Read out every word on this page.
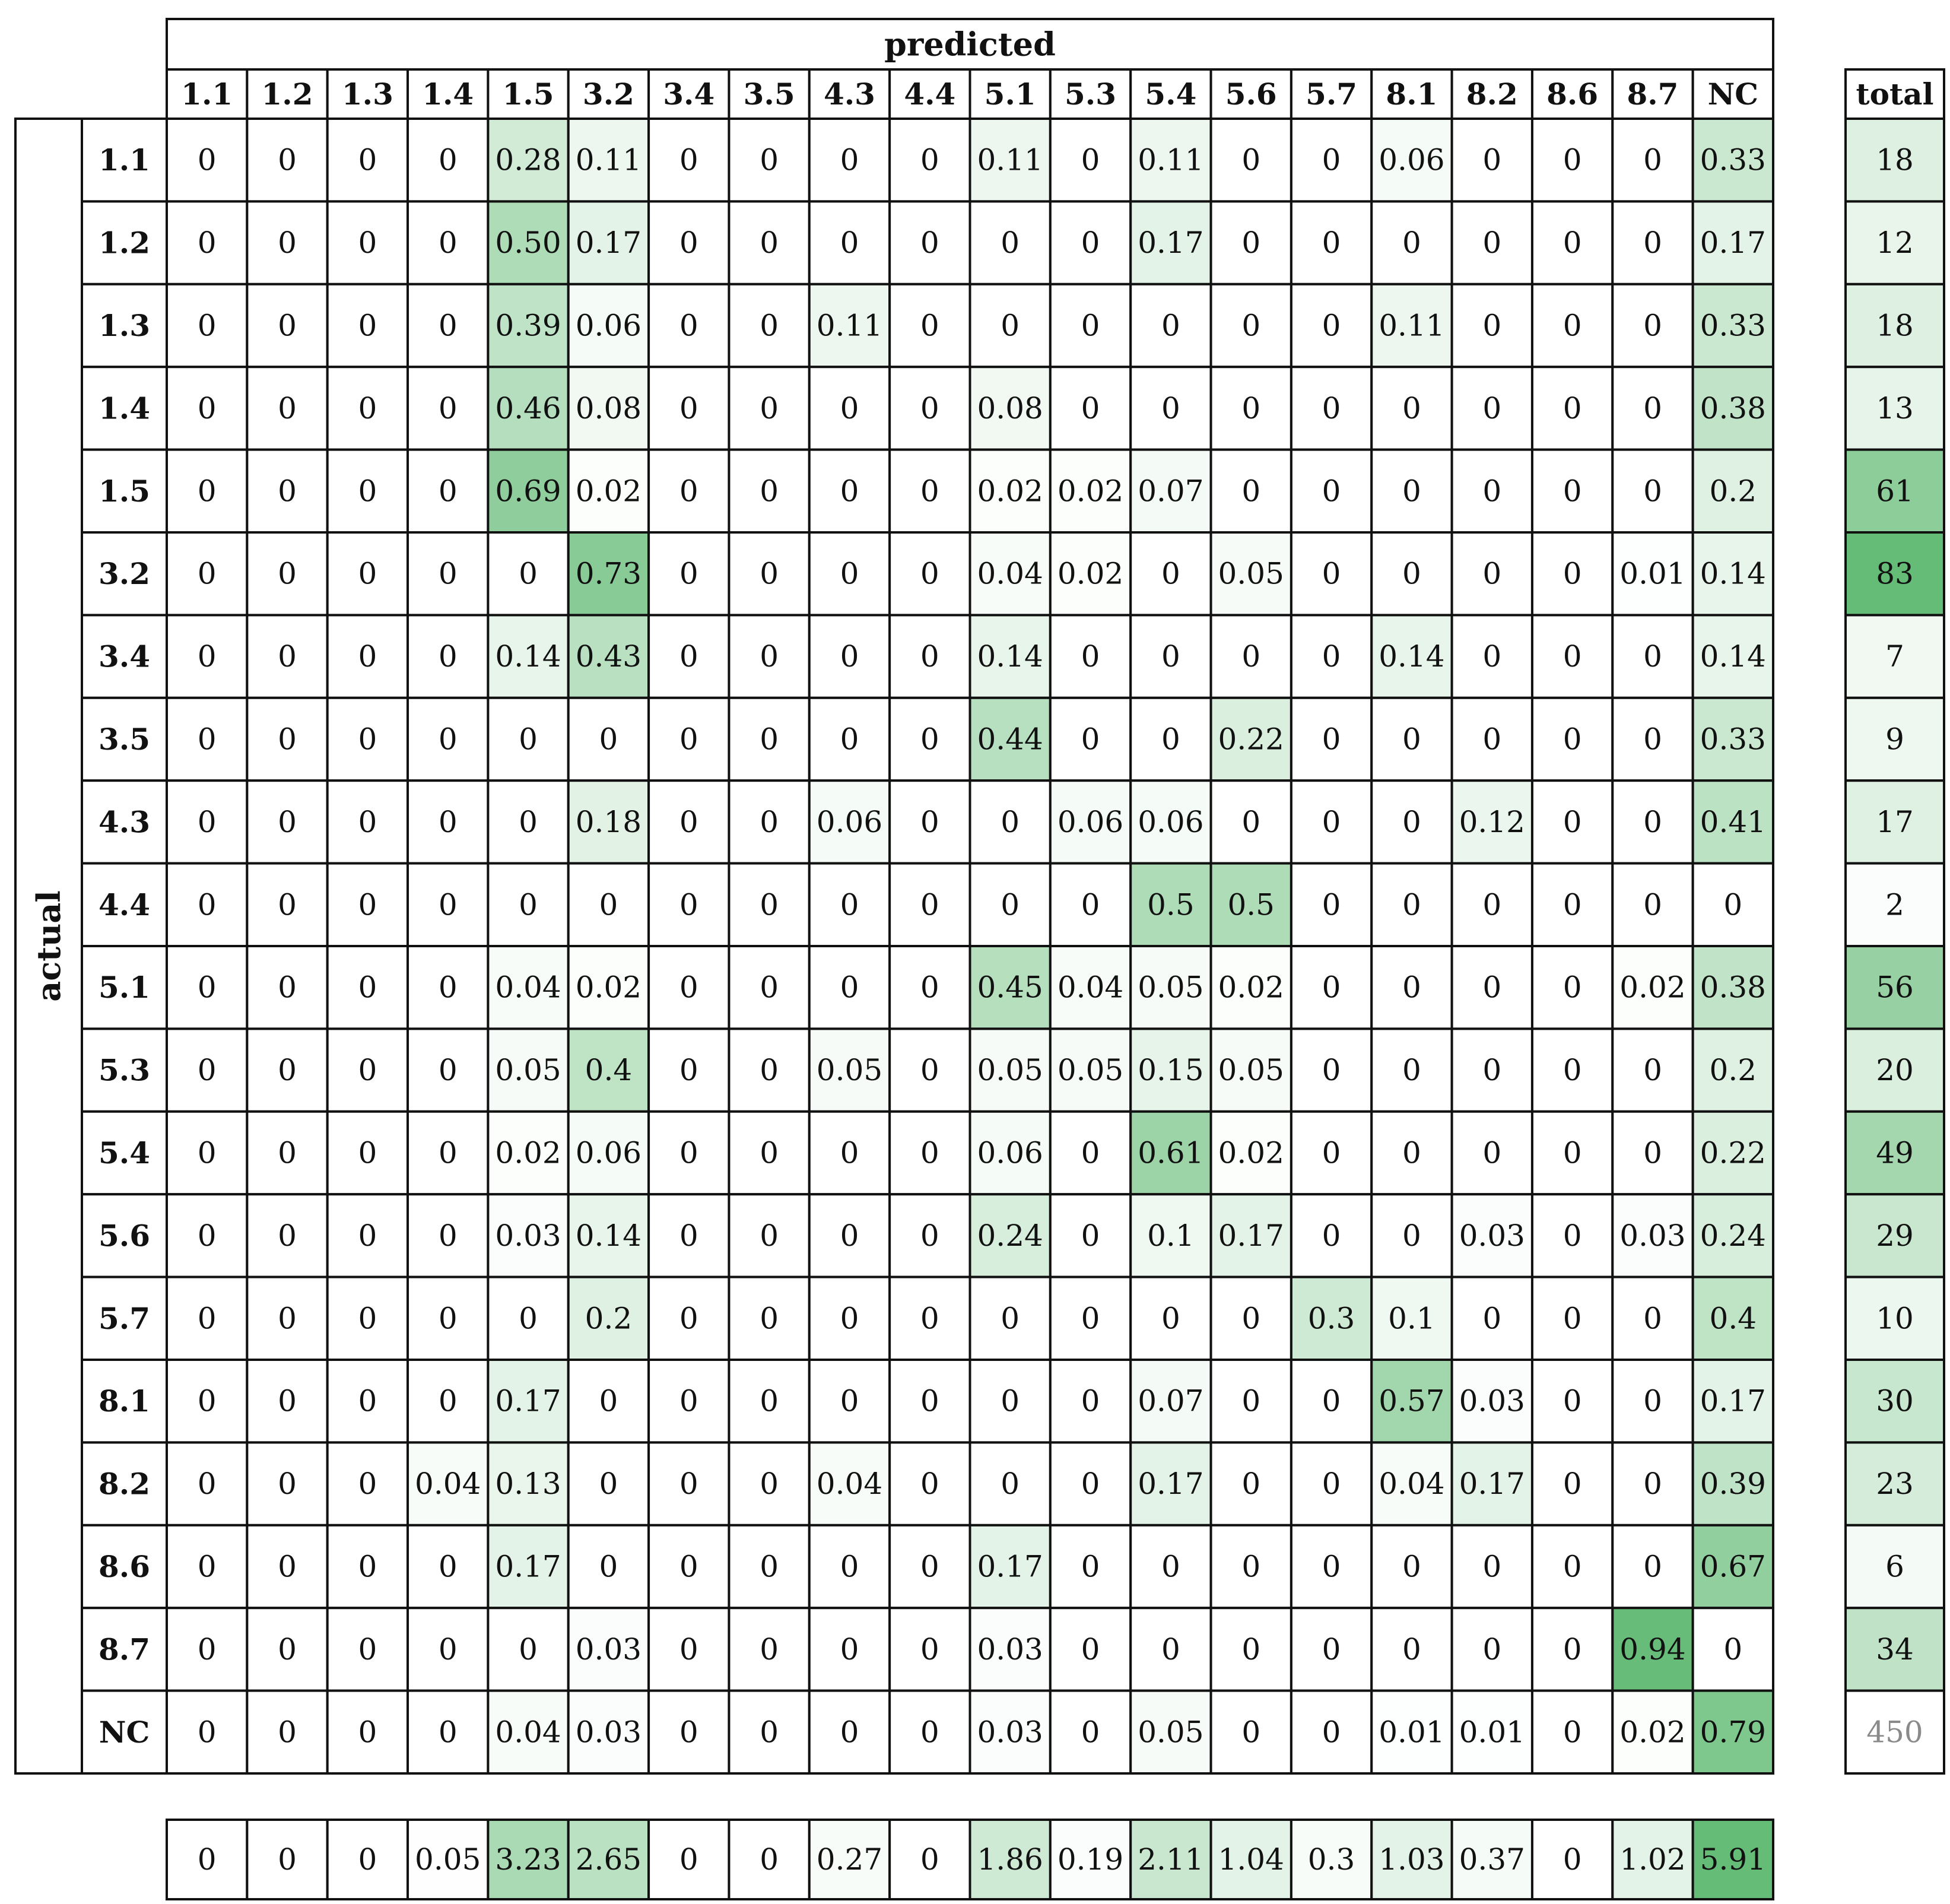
predicted
1.1 1.2 1.3 1.4 1.5 3.2 3.4 3.5 4.3 4.4 5.1 5.3 5.4 5.6 5.7 8.1 8.2 8.6 8.7 NC
actual
1.1 0 0 0 0 0.28 0.11 0 0 0 0 0.11 0 0.11 0 0 0.06 0 0 0 0.33
1.2 0 0 0 0 0.50 0.17 0 0 0 0 0 0 0.17 0 0 0 0 0 0 0.17
1.3 0 0 0 0 0.39 0.06 0 0 0.11 0 0 0 0 0 0 0.11 0 0 0 0.33
1.4 0 0 0 0 0.46 0.08 0 0 0 0 0.08 0 0 0 0 0 0 0 0 0.38
1.5 0 0 0 0 0.69 0.02 0 0 0 0 0.02 0.02 0.07 0 0 0 0 0 0 0.2
3.2 0 0 0 0 0 0.73 0 0 0 0 0.04 0.02 0 0.05 0 0 0 0 0.01 0.14
3.4 0 0 0 0 0.14 0.43 0 0 0 0 0.14 0 0 0 0 0.14 0 0 0 0.14
3.5 0 0 0 0 0 0 0 0 0 0 0.44 0 0 0.22 0 0 0 0 0 0.33
4.3 0 0 0 0 0 0.18 0 0 0.06 0 0 0.06 0.06 0 0 0 0.12 0 0 0.41
4.4 0 0 0 0 0 0 0 0 0 0 0 0 0.5 0.5 0 0 0 0 0 0
5.1 0 0 0 0 0.04 0.02 0 0 0 0 0.45 0.04 0.05 0.02 0 0 0 0 0.02 0.38
5.3 0 0 0 0 0.05 0.4 0 0 0.05 0 0.05 0.05 0.15 0.05 0 0 0 0 0 0.2
5.4 0 0 0 0 0.02 0.06 0 0 0 0 0.06 0 0.61 0.02 0 0 0 0 0 0.22
5.6 0 0 0 0 0.03 0.14 0 0 0 0 0.24 0 0.1 0.17 0 0 0.03 0 0.03 0.24
5.7 0 0 0 0 0 0.2 0 0 0 0 0 0 0 0 0.3 0.1 0 0 0 0.4
8.1 0 0 0 0 0.17 0 0 0 0 0 0 0 0.07 0 0 0.57 0.03 0 0 0.17
8.2 0 0 0 0.04 0.13 0 0 0 0.04 0 0 0 0.17 0 0 0.04 0.17 0 0 0.39
8.6 0 0 0 0 0.17 0 0 0 0 0 0.17 0 0 0 0 0 0 0 0 0.67
8.7 0 0 0 0 0 0.03 0 0 0 0 0.03 0 0 0 0 0 0 0 0.94 0
NC 0 0 0 0 0.04 0.03 0 0 0 0 0.03 0 0.05 0 0 0.01 0.01 0 0.02 0.79
total
18
12
18
13
61
83
7
9
17
2
56
20
49
29
10
30
23
6
34
450
0 0 0 0.05 3.23 2.65 0 0 0.27 0 1.86 0.19 2.11 1.04 0.3 1.03 0.37 0 1.02 5.91
